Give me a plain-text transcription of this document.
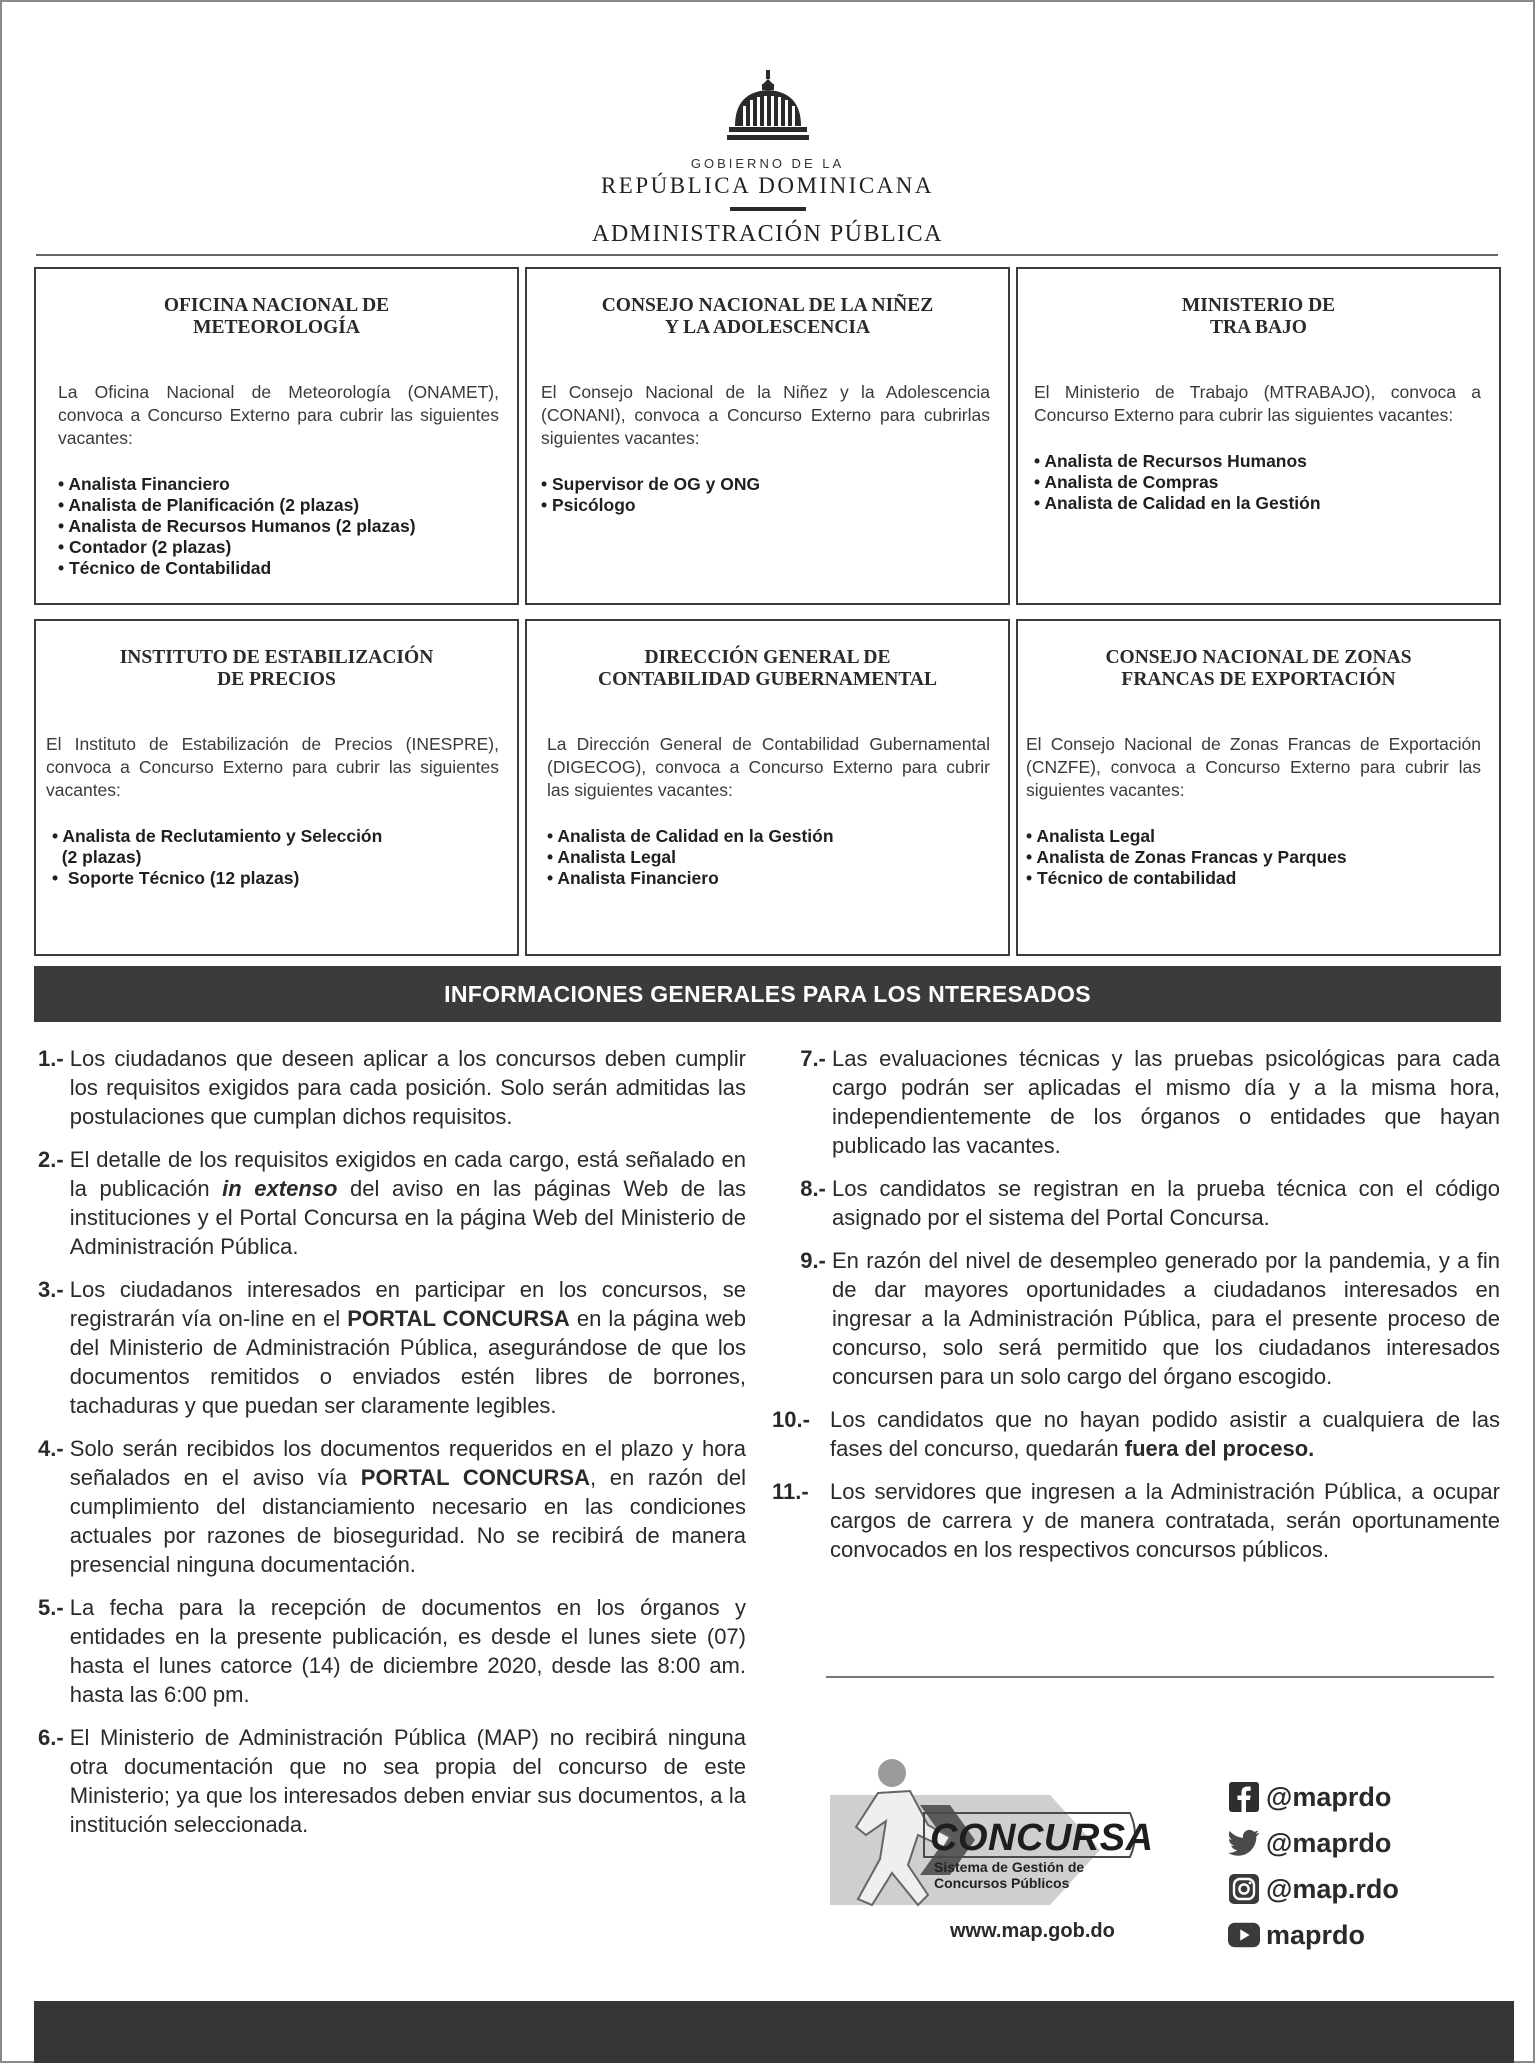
GOBIERNO DE LA
REPÚBLICA DOMINICANA
ADMINISTRACIÓN PÚBLICA
OFICINA NACIONAL DE
METEOROLOGÍA
La Oficina Nacional de Meteorología (ONAMET), convoca a Concurso Externo para cubrir las siguientes vacantes:
• Analista Financiero
• Analista de Planificación (2 plazas)
• Analista de Recursos Humanos (2 plazas)
• Contador (2 plazas)
• Técnico de Contabilidad
CONSEJO NACIONAL DE LA NIÑEZ
Y LA ADOLESCENCIA
El Consejo Nacional de la Niñez y la Adolescencia (CONANI), convoca a Concurso Externo para cubrirlas siguientes vacantes:
• Supervisor de OG y ONG
• Psicólogo
MINISTERIO DE
TRA BAJO
El Ministerio de Trabajo (MTRABAJO), convoca a Concurso Externo para cubrir las siguientes vacantes:
• Analista de Recursos Humanos
• Analista de Compras
• Analista de Calidad en la Gestión
INSTITUTO DE ESTABILIZACIÓN
DE PRECIOS
El Instituto de Estabilización de Precios (INESPRE), convoca a Concurso Externo para cubrir las siguientes vacantes:
• Analista de Reclutamiento y Selección
(2 plazas)
•  Soporte Técnico (12 plazas)
DIRECCIÓN GENERAL DE
CONTABILIDAD GUBERNAMENTAL
La Dirección General de Contabilidad Gubernamental (DIGECOG), convoca a Concurso Externo para cubrir las siguientes vacantes:
• Analista de Calidad en la Gestión
• Analista Legal
• Analista Financiero
CONSEJO NACIONAL DE ZONAS
FRANCAS DE EXPORTACIÓN
El Consejo Nacional de Zonas Francas de Exportación (CNZFE), convoca a Concurso Externo para cubrir las siguientes vacantes:
• Analista Legal
• Analista de Zonas Francas y Parques
• Técnico de contabilidad
INFORMACIONES GENERALES PARA LOS NTERESADOS
1.- Los ciudadanos que deseen aplicar a los concursos deben cumplir los requisitos exigidos para cada posición. Solo serán admitidas las postulaciones que cumplan dichos requisitos.
2.- El detalle de los requisitos exigidos en cada cargo, está señalado en la publicación in extenso del aviso en las páginas Web de las instituciones y el Portal Concursa en la página Web del Ministerio de Administración Pública.
3.- Los ciudadanos interesados en participar en los concursos, se registrarán vía on-line en el PORTAL CONCURSA en la página web del Ministerio de Administración Pública, asegurándose de que los documentos remitidos o enviados estén libres de borrones, tachaduras y que puedan ser claramente legibles.
4.- Solo serán recibidos los documentos requeridos en el plazo y hora señalados en el aviso vía PORTAL CONCURSA, en razón del cumplimiento del distanciamiento necesario en las condiciones actuales por razones de bioseguridad. No se recibirá de manera presencial ninguna documentación.
5.- La fecha para la recepción de documentos en los órganos y entidades en la presente publicación, es desde el lunes siete (07) hasta el lunes catorce (14) de diciembre 2020, desde las 8:00 am. hasta las 6:00 pm.
6.- El Ministerio de Administración Pública (MAP) no recibirá ninguna otra documentación que no sea propia del concurso de este Ministerio; ya que los interesados deben enviar sus documentos, a la institución seleccionada.
7.- Las evaluaciones técnicas y las pruebas psicológicas para cada cargo podrán ser aplicadas el mismo día y a la misma hora, independientemente de los órganos o entidades que hayan publicado las vacantes.
8.- Los candidatos se registran en la prueba técnica con el código asignado por el sistema del Portal Concursa.
9.- En razón del nivel de desempleo generado por la pandemia, y a fin de dar mayores oportunidades a ciudadanos interesados en ingresar a la Administración Pública, para el presente proceso de concurso, solo será permitido que los ciudadanos interesados concursen para un solo cargo del órgano escogido.
10.- Los candidatos que no hayan podido asistir a cualquiera de las fases del concurso, quedarán fuera del proceso.
11.- Los servidores que ingresen a la Administración Pública, a ocupar cargos de carrera y de manera contratada, serán oportunamente convocados en los respectivos concursos públicos.
CONCURSA
Sistema de Gestión de
Concursos Públicos
www.map.gob.do
@maprdo
@maprdo
@map.rdo
maprdo
